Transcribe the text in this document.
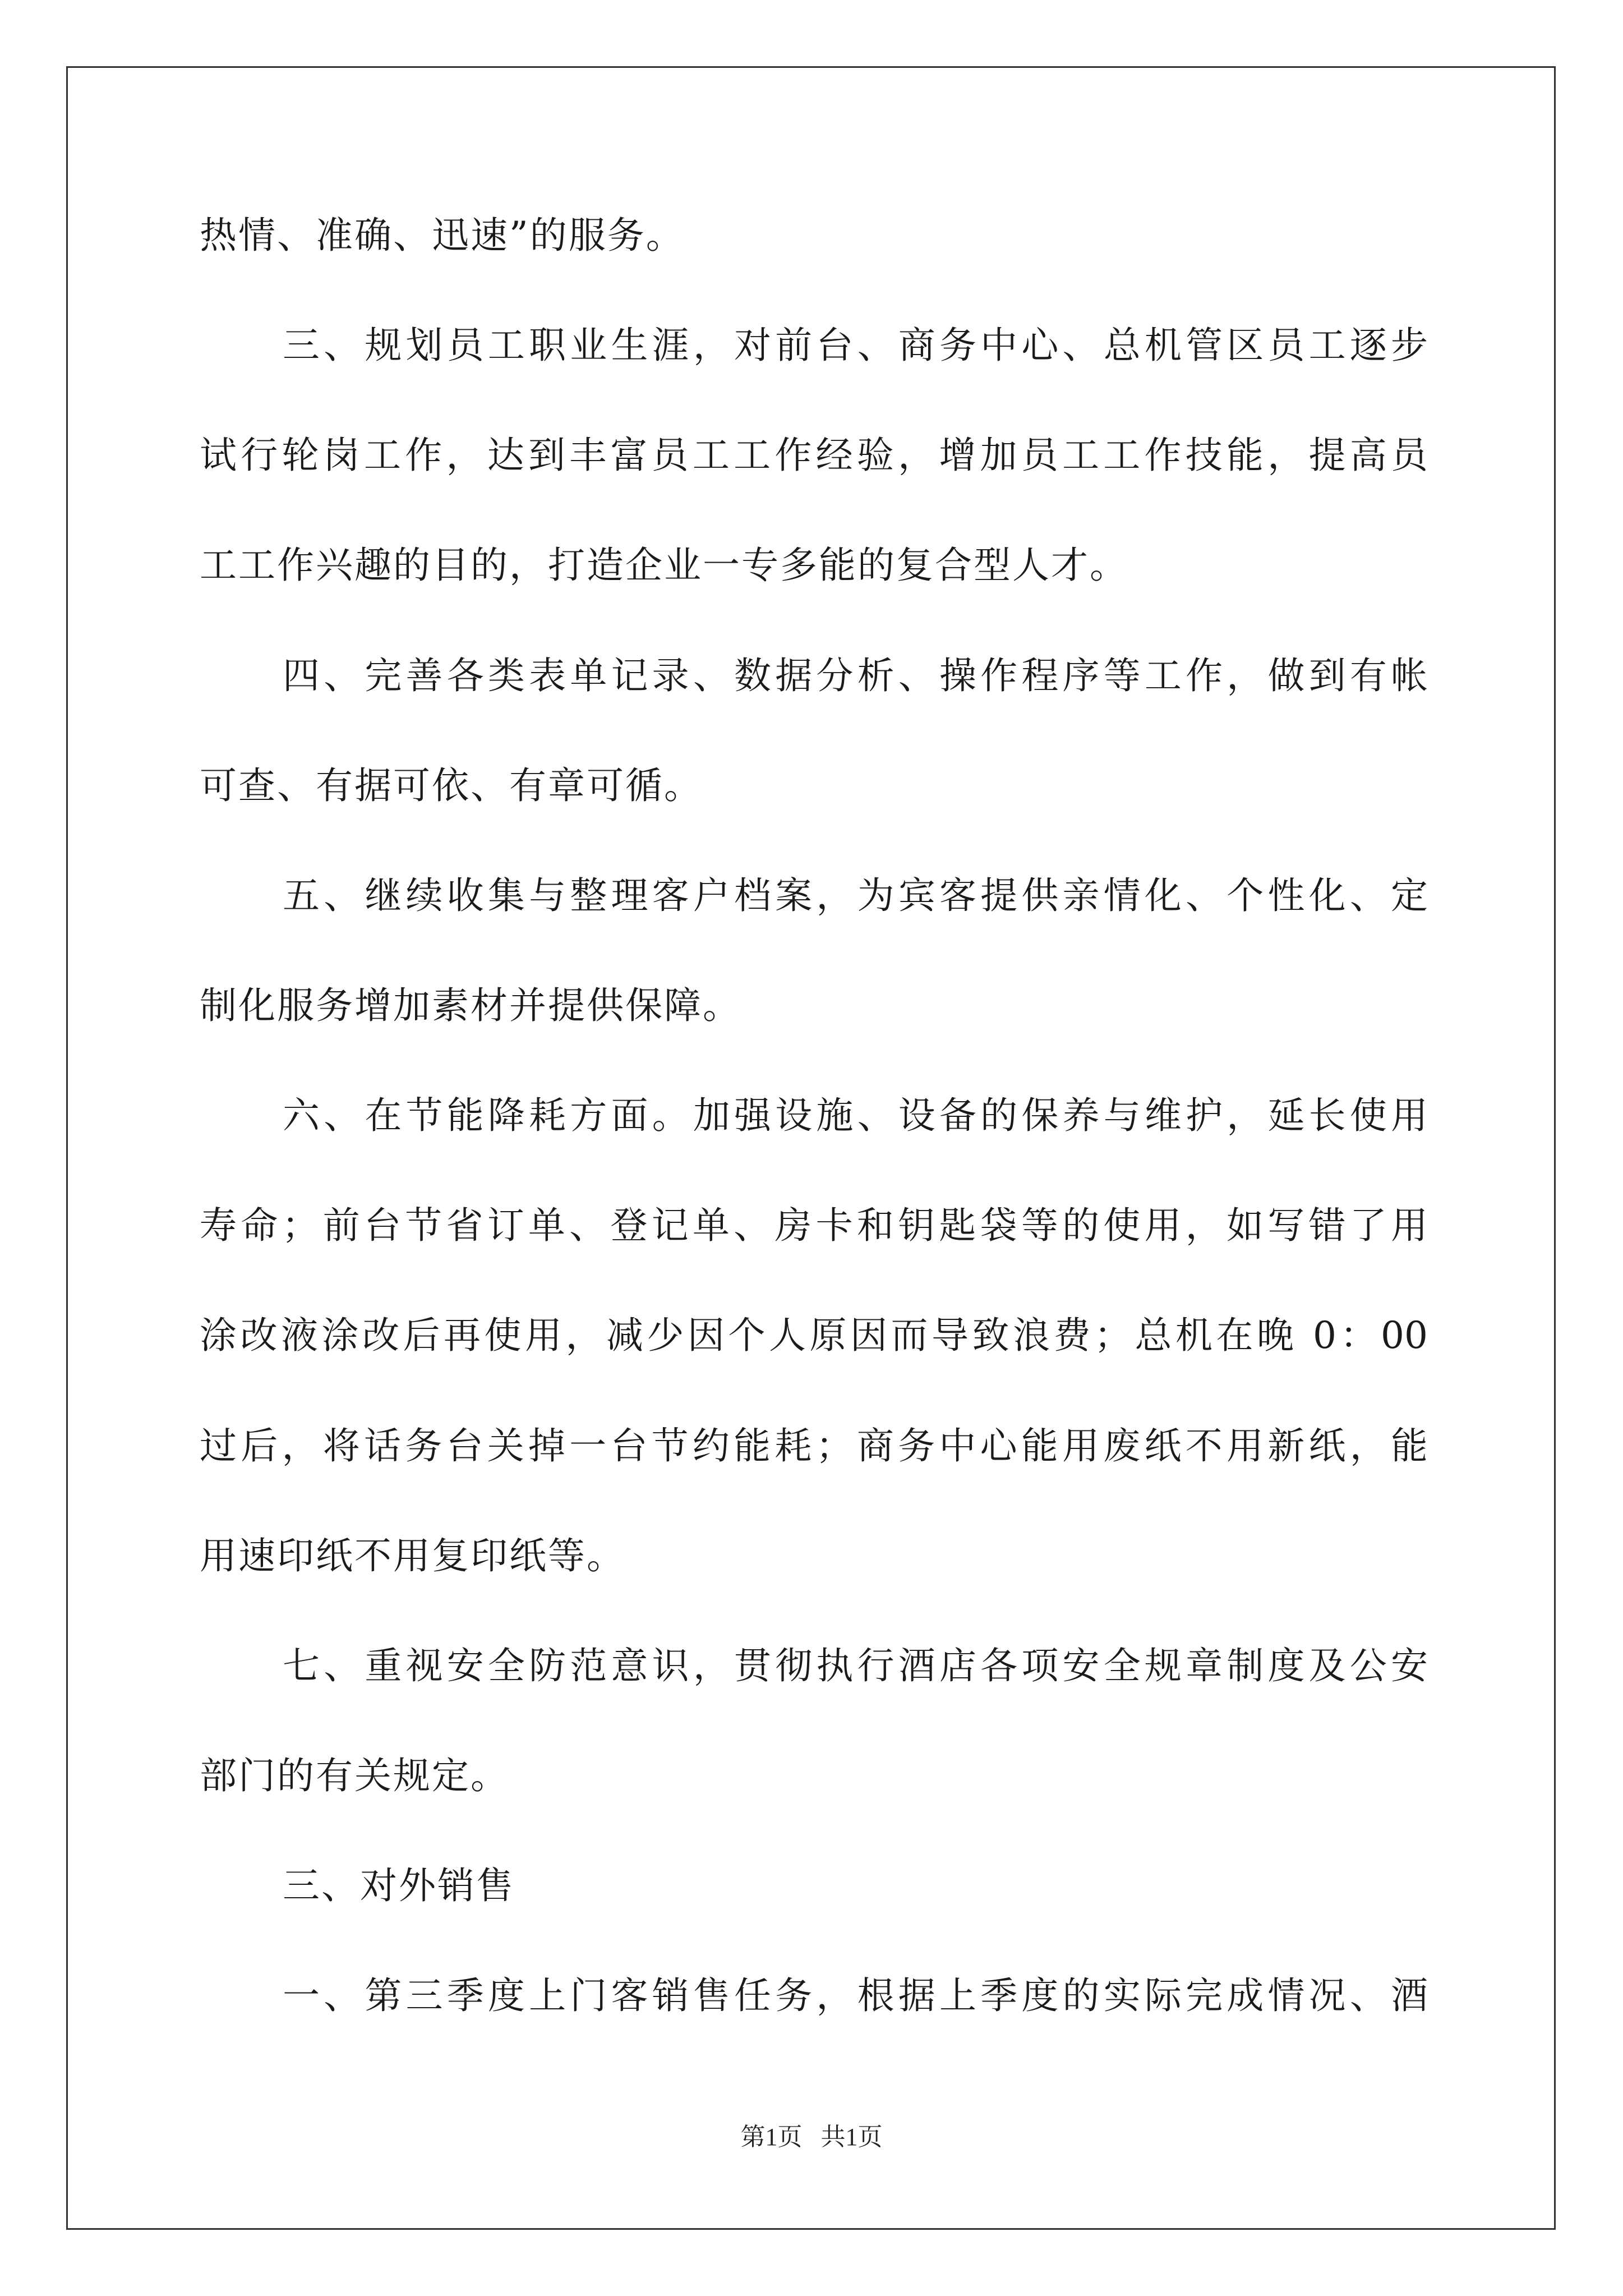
热情、准确、迅速”的服务。
三、规划员工职业生涯，对前台、商务中心、总机管区员工逐步
试行轮岗工作，达到丰富员工工作经验，增加员工工作技能，提高员
工工作兴趣的目的，打造企业一专多能的复合型人才。
四、完善各类表单记录、数据分析、操作程序等工作，做到有帐
可查、有据可依、有章可循。
五、继续收集与整理客户档案，为宾客提供亲情化、个性化、定
制化服务增加素材并提供保障。
六、在节能降耗方面。加强设施、设备的保养与维护，延长使用
寿命；前台节省订单、登记单、房卡和钥匙袋等的使用，如写错了用
涂改液涂改后再使用，减少因个人原因而导致浪费；总机在晚 0：00
过后，将话务台关掉一台节约能耗；商务中心能用废纸不用新纸，能
用速印纸不用复印纸等。
七、重视安全防范意识，贯彻执行酒店各项安全规章制度及公安
部门的有关规定。
三、对外销售
一、第三季度上门客销售任务，根据上季度的实际完成情况、酒
第1页   共1页
